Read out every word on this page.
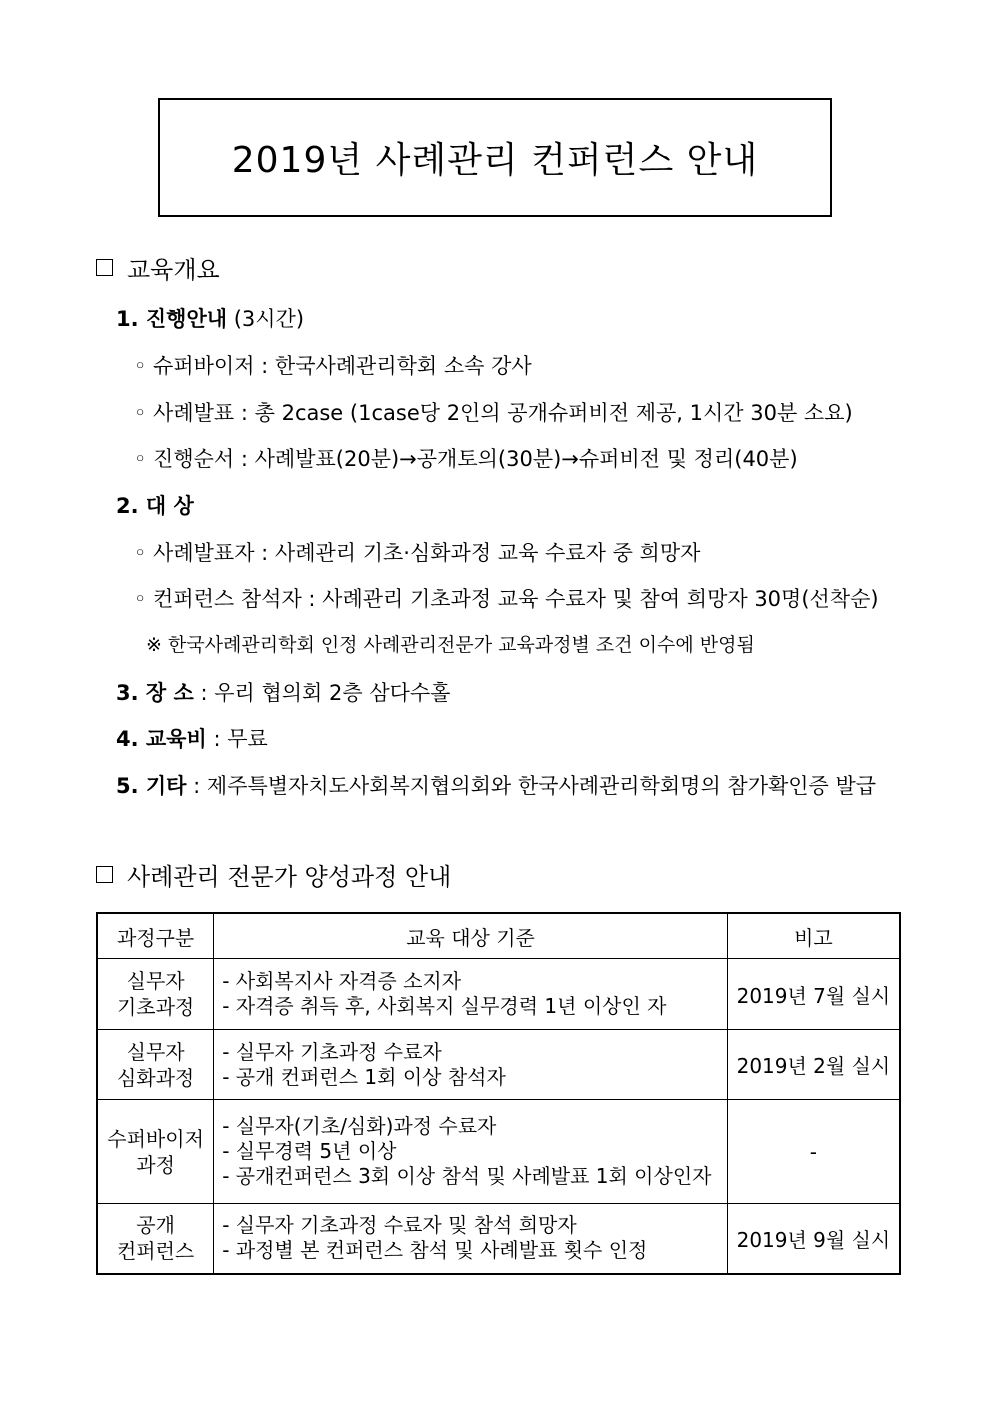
2019년 사례관리 컨퍼런스 안내
교육개요
1. 진행안내 (3시간)
◦ 슈퍼바이저 : 한국사례관리학회 소속 강사
◦ 사례발표 : 총 2case (1case당 2인의 공개슈퍼비전 제공, 1시간 30분 소요)
◦ 진행순서 : 사례발표(20분)→공개토의(30분)→슈퍼비전 및 정리(40분)
2. 대 상
◦ 사례발표자 : 사례관리 기초·심화과정 교육 수료자 중 희망자
◦ 컨퍼런스 참석자 : 사례관리 기초과정 교육 수료자 및 참여 희망자 30명(선착순)
※ 한국사례관리학회 인정 사례관리전문가 교육과정별 조건 이수에 반영됨
3. 장 소 : 우리 협의회 2층 삼다수홀
4. 교육비 : 무료
5. 기타 : 제주특별자치도사회복지협의회와 한국사례관리학회명의 참가확인증 발급
사례관리 전문가 양성과정 안내
과정구분	교육 대상 기준	비고

실무자
기초과정	- 사회복지사 자격증 소지자
- 자격증 취득 후, 사회복지 실무경력 1년 이상인 자	2019년 7월 실시

실무자
심화과정	- 실무자 기초과정 수료자
- 공개 컨퍼런스 1회 이상 참석자	2019년 2월 실시

수퍼바이저
과정	- 실무자(기초/심화)과정 수료자
- 실무경력 5년 이상
- 공개컨퍼런스 3회 이상 참석 및 사례발표 1회 이상인자	-

공개
컨퍼런스	- 실무자 기초과정 수료자 및 참석 희망자
- 과정별 본 컨퍼런스 참석 및 사례발표 횟수 인정	2019년 9월 실시
